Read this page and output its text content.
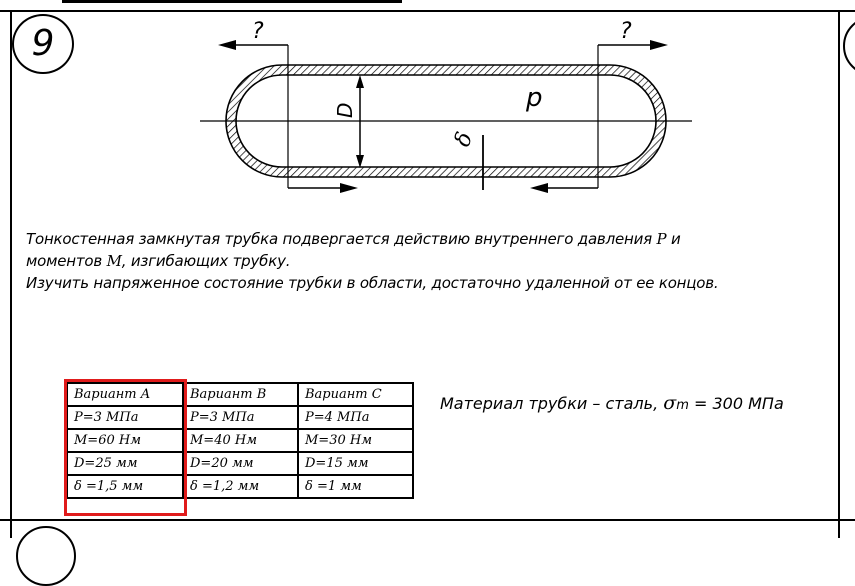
9	?	?
D	p
δ
Тонкостенная замкнутая трубка подвергается действию внутреннего давления P и
моментов M, изгибающих трубку.
Изучить напряженное состояние трубки в области, достаточно удаленной от ее концов.
Вариант A	Вариант B	Вариант C
P=3 МПа	P=3 МПа	P=4 МПа
M=60 Нм	M=40 Нм	M=30 Нм
D=25 мм	D=20 мм	D=15 мм
δ =1,5 мм	δ =1,2 мм	δ =1 мм
Материал трубки – сталь, σm = 300 МПа
